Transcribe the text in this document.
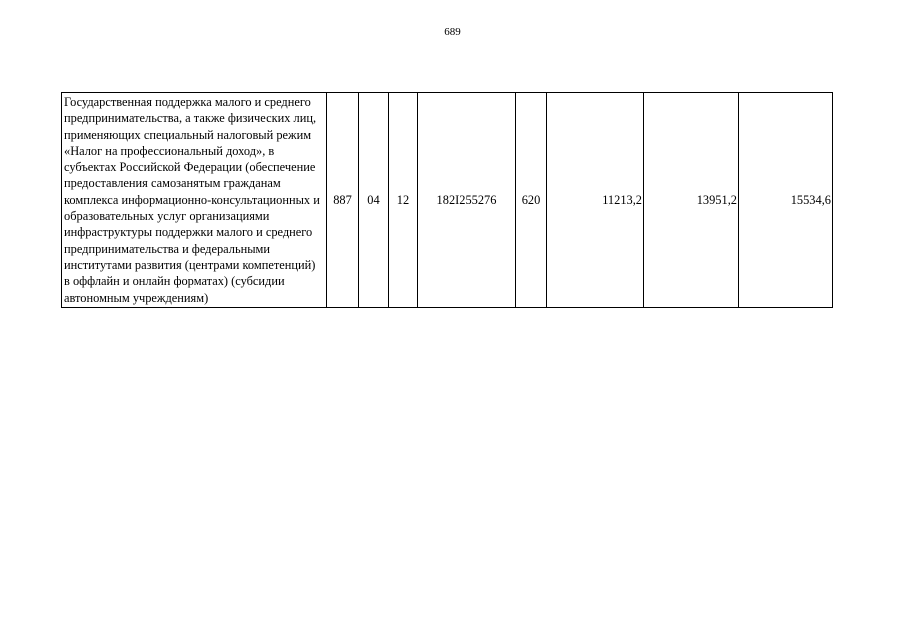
689
Государственная поддержка малого и среднего предпринимательства, а также физических лиц, применяющих специальный налоговый режим «Налог на профессиональный доход», в субъектах Российской Федерации (обеспечение предоставления самозанятым гражданам комплекса информационно-консультационных и образовательных услуг организациями инфраструктуры поддержки малого и среднего предпринимательства и федеральными институтами развития (центрами компетенций) в оффлайн и онлайн форматах) (субсидии автономным учреждениям)	887	04	12	182I255276	620	11213,2	13951,2	15534,6
